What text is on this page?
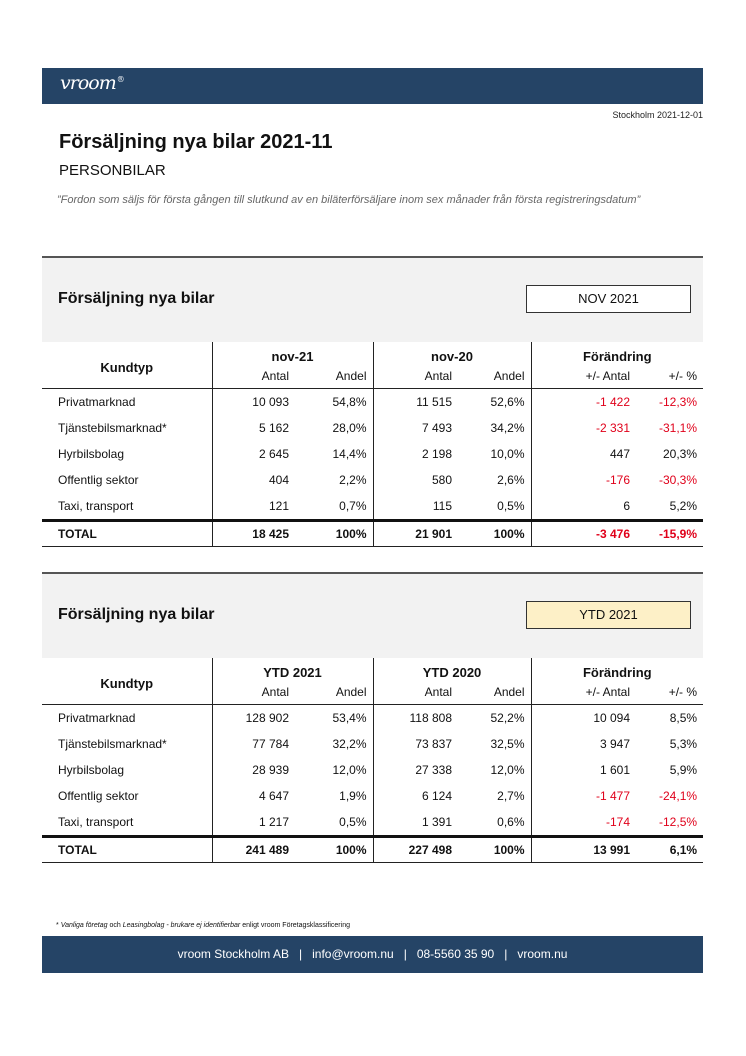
vroom®
Stockholm 2021-12-01
Försäljning nya bilar 2021-11
PERSONBILAR
”Fordon som säljs för första gången till slutkund av en biläterförsäljare inom sex månader från första registreringsdatum”
Försäljning nya bilar	NOV 2021
Kundtyp	nov-21		nov-20		Förändring	
	Antal	Andel	Antal	Andel	+/- Antal	+/- %
Privatmarknad	10 093	54,8%	11 515	52,6%	-1 422	-12,3%
Tjänstebilsmarknad*	5 162	28,0%	7 493	34,2%	-2 331	-31,1%
Hyrbilsbolag	2 645	14,4%	2 198	10,0%	447	20,3%
Offentlig sektor	404	2,2%	580	2,6%	-176	-30,3%
Taxi, transport	121	0,7%	115	0,5%	6	5,2%
TOTAL	18 425	100%	21 901	100%	-3 476	-15,9%
Försäljning nya bilar	YTD 2021
Kundtyp	YTD 2021		YTD 2020		Förändring	
	Antal	Andel	Antal	Andel	+/- Antal	+/- %
Privatmarknad	128 902	53,4%	118 808	52,2%	10 094	8,5%
Tjänstebilsmarknad*	77 784	32,2%	73 837	32,5%	3 947	5,3%
Hyrbilsbolag	28 939	12,0%	27 338	12,0%	1 601	5,9%
Offentlig sektor	4 647	1,9%	6 124	2,7%	-1 477	-24,1%
Taxi, transport	1 217	0,5%	1 391	0,6%	-174	-12,5%
TOTAL	241 489	100%	227 498	100%	13 991	6,1%
* Vanliga företag och Leasingbolag - brukare ej identifierbar enligt vroom Företagsklassificering
vroom Stockholm AB | info@vroom.nu | 08-5560 35 90 | vroom.nu
